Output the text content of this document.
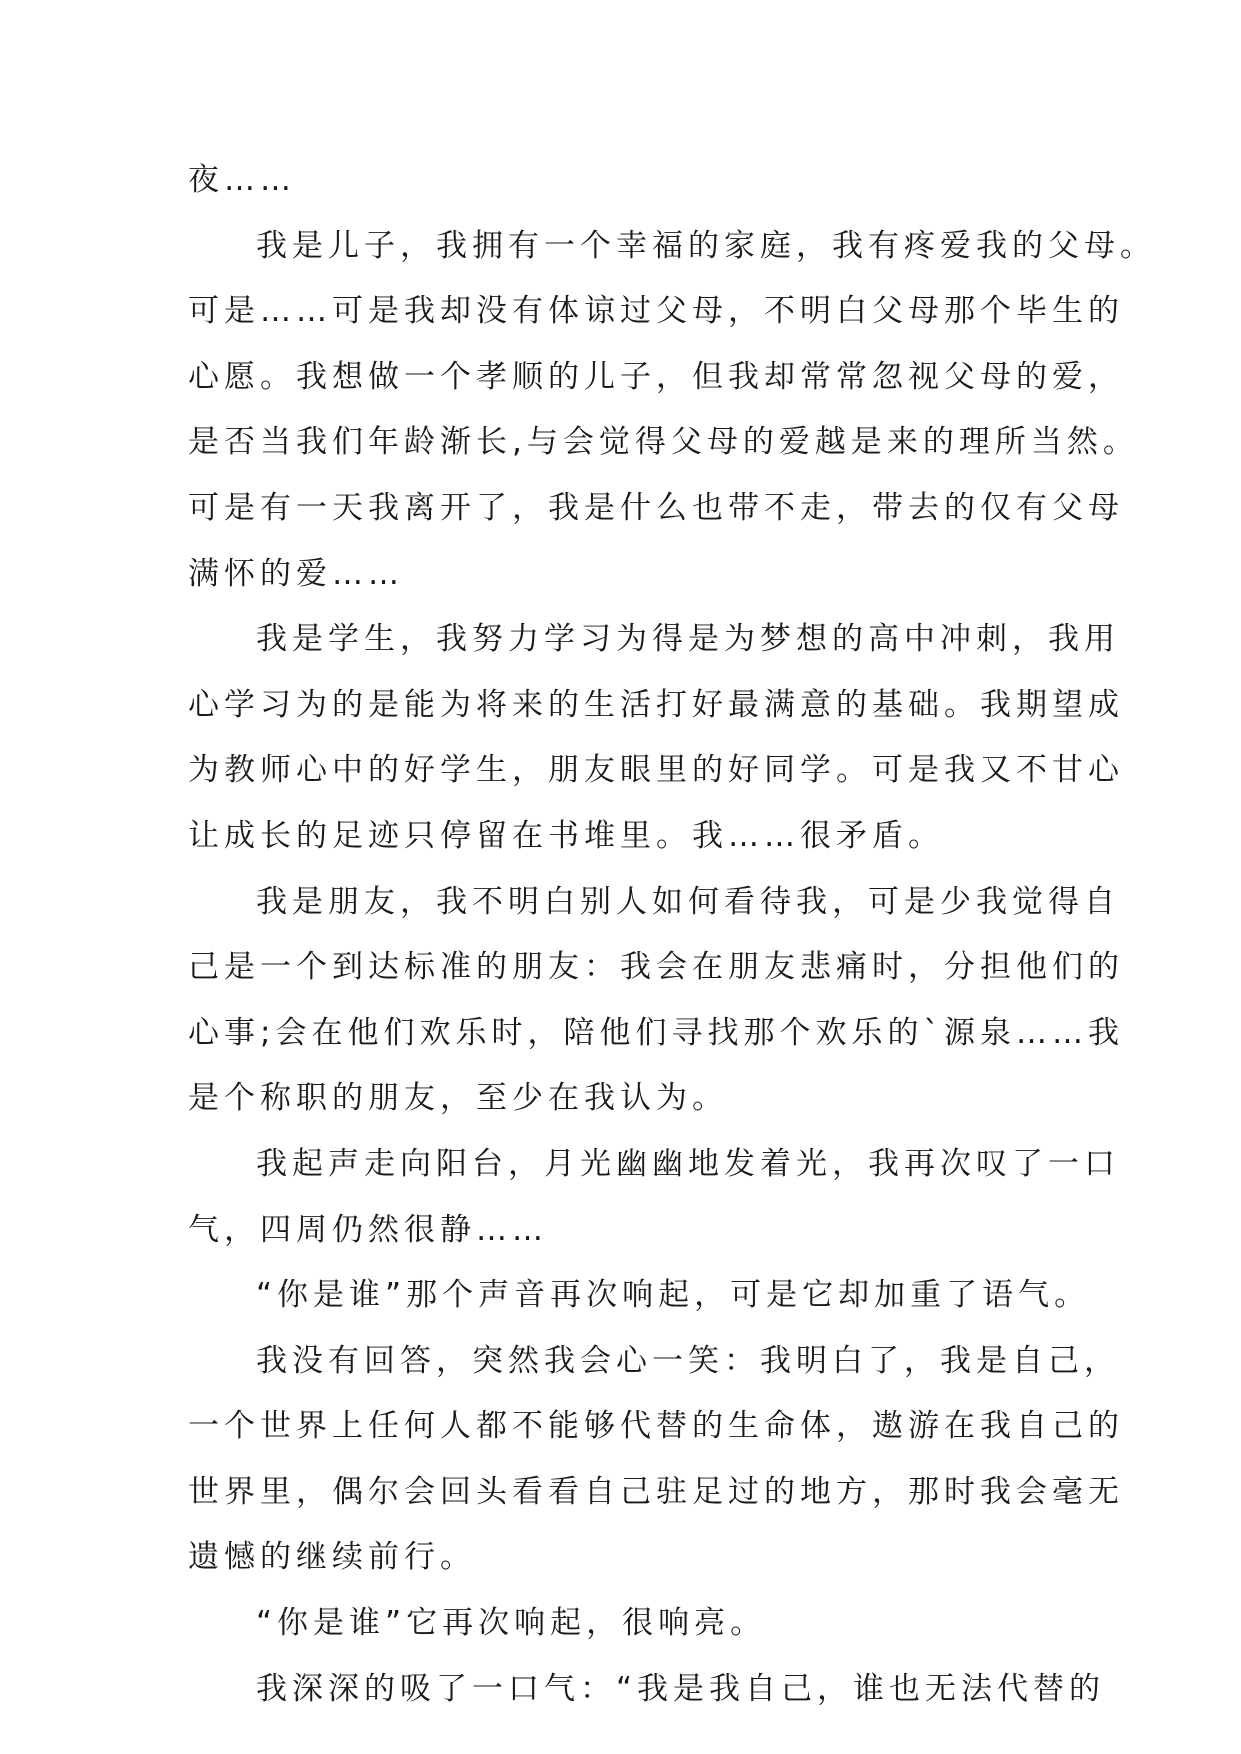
夜……
我是儿子，我拥有一个幸福的家庭，我有疼爱我的父母。
可是……可是我却没有体谅过父母，不明白父母那个毕生的
心愿。我想做一个孝顺的儿子，但我却常常忽视父母的爱，
是否当我们年龄渐长,与会觉得父母的爱越是来的理所当然。
可是有一天我离开了，我是什么也带不走，带去的仅有父母
满怀的爱……
我是学生，我努力学习为得是为梦想的高中冲刺，我用
心学习为的是能为将来的生活打好最满意的基础。我期望成
为教师心中的好学生，朋友眼里的好同学。可是我又不甘心
让成长的足迹只停留在书堆里。我……很矛盾。
我是朋友，我不明白别人如何看待我，可是少我觉得自
己是一个到达标准的朋友：我会在朋友悲痛时，分担他们的
心事;会在他们欢乐时，陪他们寻找那个欢乐的`源泉……我
是个称职的朋友，至少在我认为。
我起声走向阳台，月光幽幽地发着光，我再次叹了一口
气，四周仍然很静……
“你是谁”那个声音再次响起，可是它却加重了语气。
我没有回答，突然我会心一笑：我明白了，我是自己，
一个世界上任何人都不能够代替的生命体，遨游在我自己的
世界里，偶尔会回头看看自己驻足过的地方，那时我会毫无
遗憾的继续前行。
“你是谁”它再次响起，很响亮。
我深深的吸了一口气：“我是我自己，谁也无法代替的
